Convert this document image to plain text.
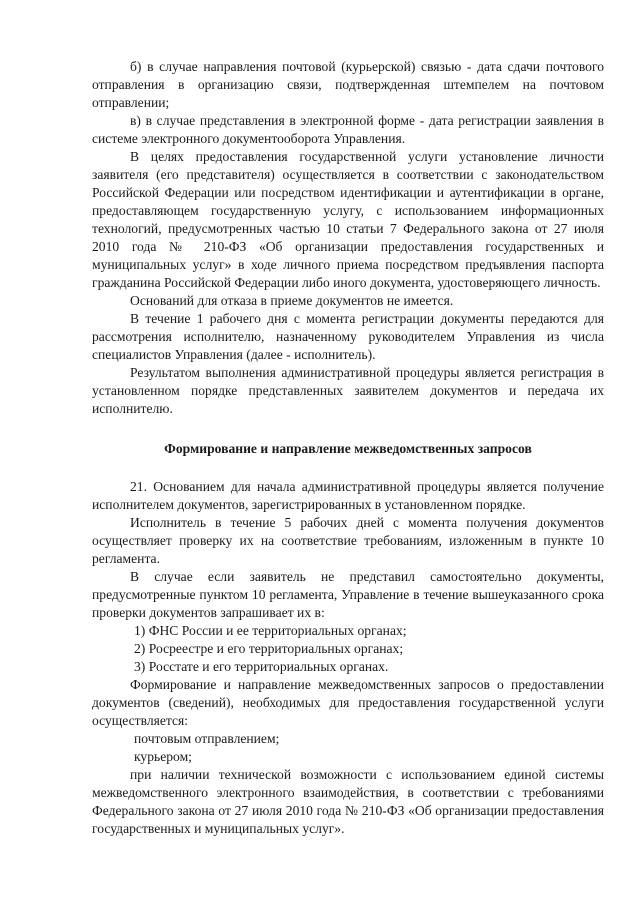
б) в случае направления почтовой (курьерской) связью - дата сдачи почтового отправления в организацию связи, подтвержденная штемпелем на почтовом отправлении;

в) в случае представления в электронной форме - дата регистрации заявления в системе электронного документооборота Управления.

В целях предоставления государственной услуги установление личности заявителя (его представителя) осуществляется в соответствии с законодательством Российской Федерации или посредством идентификации и аутентификации в органе, предоставляющем государственную услугу, с использованием информационных технологий, предусмотренных частью 10 статьи 7 Федерального закона от 27 июля 2010 года № 210-ФЗ «Об организации предоставления государственных и муниципальных услуг» в ходе личного приема посредством предъявления паспорта гражданина Российской Федерации либо иного документа, удостоверяющего личность.

Оснований для отказа в приеме документов не имеется.

В течение 1 рабочего дня с момента регистрации документы передаются для рассмотрения исполнителю, назначенному руководителем Управления из числа специалистов Управления (далее - исполнитель).

Результатом выполнения административной процедуры является регистрация в установленном порядке представленных заявителем документов и передача их исполнителю.

Формирование и направление межведомственных запросов

21. Основанием для начала административной процедуры является получение исполнителем документов, зарегистрированных в установленном порядке.

Исполнитель в течение 5 рабочих дней с момента получения документов осуществляет проверку их на соответствие требованиям, изложенным в пункте 10 регламента.

В случае если заявитель не представил самостоятельно документы, предусмотренные пунктом 10 регламента, Управление в течение вышеуказанного срока проверки документов запрашивает их в:

1) ФНС России и ее территориальных органах;

2) Росреестре и его территориальных органах;

3) Росстате и его территориальных органах.

Формирование и направление межведомственных запросов о предоставлении документов (сведений), необходимых для предоставления государственной услуги осуществляется:

почтовым отправлением;

курьером;

при наличии технической возможности с использованием единой системы межведомственного электронного взаимодействия, в соответствии с требованиями Федерального закона от 27 июля 2010 года № 210-ФЗ «Об организации предоставления государственных и муниципальных услуг».
